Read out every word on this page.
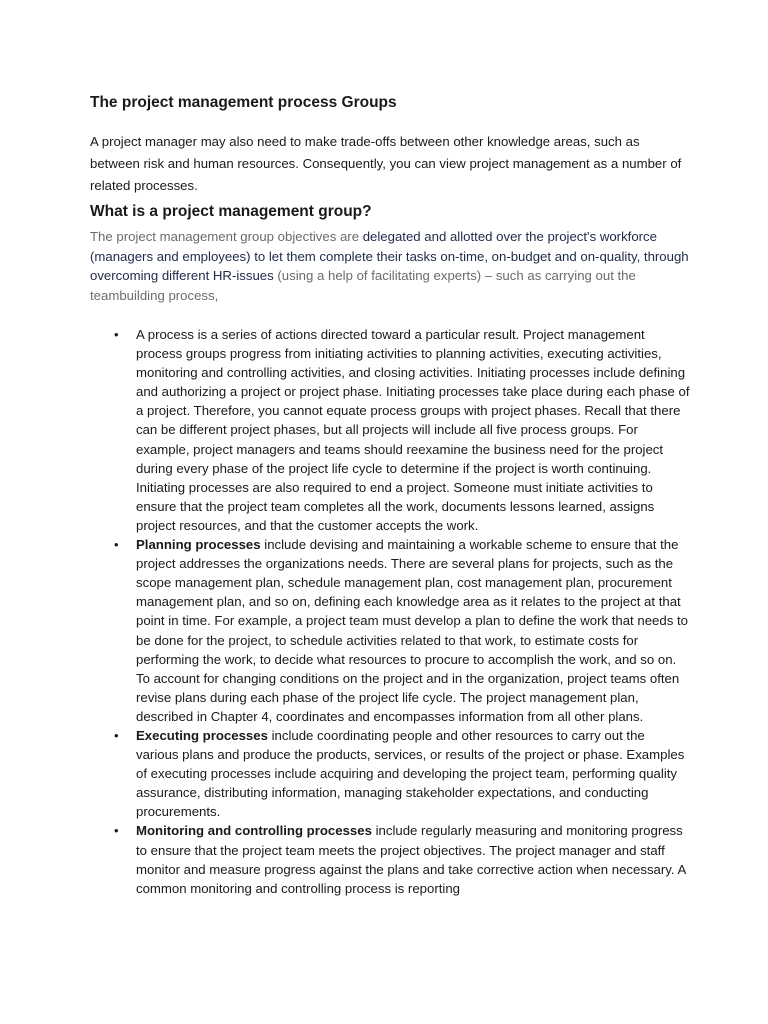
The project management process Groups

A project manager may also need to make trade-offs between other knowledge areas, such as between risk and human resources. Consequently, you can view project management as a number of related processes.

What is a project management group?

The project management group objectives are delegated and allotted over the project's workforce (managers and employees) to let them complete their tasks on-time, on-budget and on-quality, through overcoming different HR-issues (using a help of facilitating experts) – such as carrying out the teambuilding process,

• A process is a series of actions directed toward a particular result. Project management process groups progress from initiating activities to planning activities, executing activities, monitoring and controlling activities, and closing activities. Initiating processes include defining and authorizing a project or project phase. Initiating processes take place during each phase of a project. Therefore, you cannot equate process groups with project phases. Recall that there can be different project phases, but all projects will include all five process groups. For example, project managers and teams should reexamine the business need for the project during every phase of the project life cycle to determine if the project is worth continuing. Initiating processes are also required to end a project. Someone must initiate activities to ensure that the project team completes all the work, documents lessons learned, assigns project resources, and that the customer accepts the work.
• Planning processes include devising and maintaining a workable scheme to ensure that the project addresses the organizations needs. There are several plans for projects, such as the scope management plan, schedule management plan, cost management plan, procurement management plan, and so on, defining each knowledge area as it relates to the project at that point in time. For example, a project team must develop a plan to define the work that needs to be done for the project, to schedule activities related to that work, to estimate costs for performing the work, to decide what resources to procure to accomplish the work, and so on. To account for changing conditions on the project and in the organization, project teams often revise plans during each phase of the project life cycle. The project management plan, described in Chapter 4, coordinates and encompasses information from all other plans.
• Executing processes include coordinating people and other resources to carry out the various plans and produce the products, services, or results of the project or phase. Examples of executing processes include acquiring and developing the project team, performing quality assurance, distributing information, managing stakeholder expectations, and conducting procurements.
• Monitoring and controlling processes include regularly measuring and monitoring progress to ensure that the project team meets the project objectives. The project manager and staff monitor and measure progress against the plans and take corrective action when necessary. A common monitoring and controlling process is reporting
